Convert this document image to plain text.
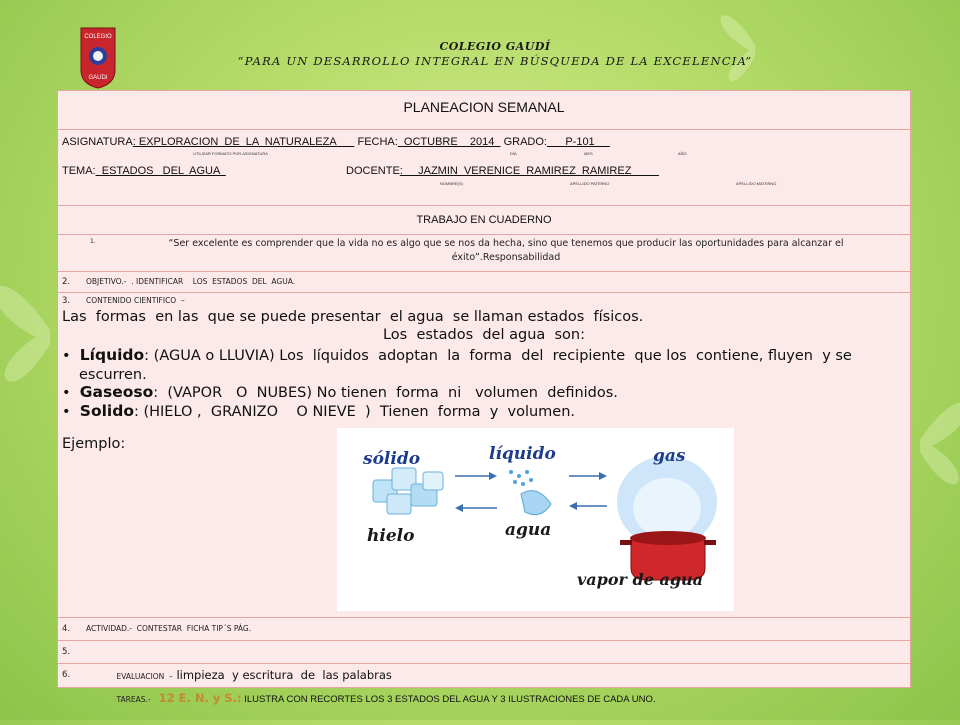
COLEGIO
GAUDI
COLEGIO GAUDÍ
“PARA UN DESARROLLO INTEGRAL EN BÚSQUEDA DE LA EXCELENCIA”
PLANEACION SEMANAL
ASIGNATURA: EXPLORACION  DE  LA  NATURALEZA       FECHA:  OCTUBRE    2014   GRADO:      P-101
UTILIZAR FORMATO POR ASIGNATURA	DÍA	MES	AÑO
TEMA:  ESTADOS   DEL  AGUA	DOCENTE:     JAZMIN  VERENICE  RAMIREZ  RAMIREZ
NOMBRE(S)	APELLIDO PATERNO	APELLIDO MATERNO
TRABAJO EN CUADERNO
1.	“Ser excelente es comprender que la vida no es algo que se nos da hecha, sino que tenemos que producir las oportunidades para alcanzar el éxito”.Responsabilidad
2. OBJETIVO.-  . IDENTIFICAR    LOS  ESTADOS  DEL  AGUA.
3. CONTENIDO CIENTIFICO  –
Las  formas  en las  que se puede presentar  el agua  se llaman estados  físicos.
Los  estados  del agua  son:
•  Líquido: (AGUA o LLUVIA) Los  líquidos  adoptan  la  forma  del  recipiente  que los  contiene, fluyen  y se escurren.
•  Gaseoso:  (VAPOR   O  NUBES) No tienen  forma  ni   volumen  definidos.
•  Solido: (HIELO ,  GRANIZO    O NIEVE  )  Tienen  forma  y  volumen.
Ejemplo:
sólido	líquido	gas
hielo	agua
vapor de agua
4. ACTIVIDAD.-  CONTESTAR  FICHA TIP´S PÁG.
5.

EVALUACION  – limpieza  y escritura  de  las palabras

6.

TAREAS.-  12 E. N. y S.: ILUSTRA CON RECORTES LOS 3 ESTADOS DEL AGUA Y 3 ILUSTRACIONES DE CADA UNO.
